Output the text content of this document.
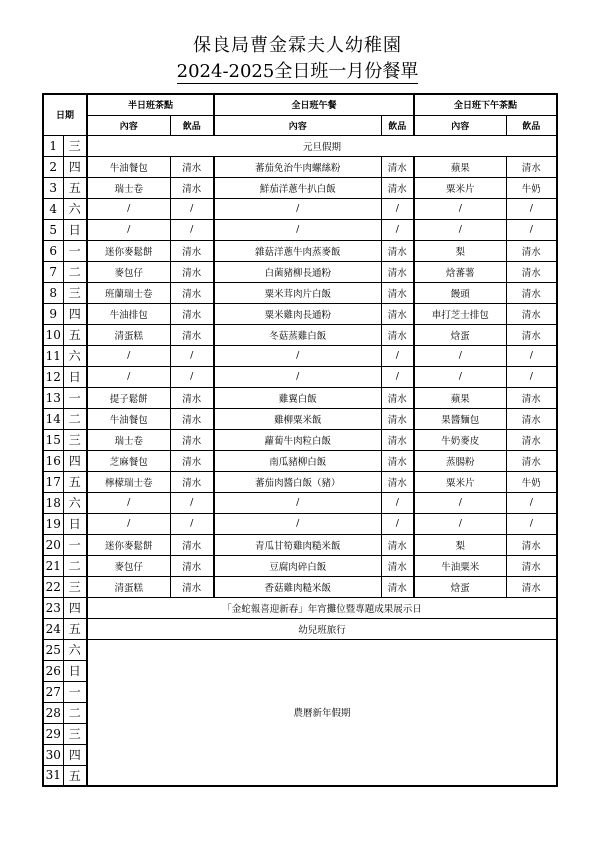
保良局曹金霖夫人幼稚園
2024-2025全日班一月份餐單
日期		半日班茶點		全日班午餐		全日班下午茶點	
		內容	飲品	內容	飲品	內容	飲品
1	三	元旦假期					
2	四	牛油餐包	清水	蕃茄免治牛肉螺絲粉	清水	蘋果	清水
3	五	瑞士卷	清水	鮮茄洋蔥牛扒白飯	清水	粟米片	牛奶
4	六	/	/	/	/	/	/
5	日	/	/	/	/	/	/
6	一	迷你麥鬆餅	清水	雜菇洋蔥牛肉蒸麥飯	清水	梨	清水
7	二	麥包仔	清水	白菌豬柳長通粉	清水	焓蕃薯	清水
8	三	班蘭瑞士卷	清水	粟米茸肉片白飯	清水	饅頭	清水
9	四	牛油排包	清水	粟米雞肉長通粉	清水	車打芝士排包	清水
10	五	清蛋糕	清水	冬菇蒸雞白飯	清水	焓蛋	清水
11	六	/	/	/	/	/	/
12	日	/	/	/	/	/	/
13	一	提子鬆餅	清水	雞翼白飯	清水	蘋果	清水
14	二	牛油餐包	清水	雞柳粟米飯	清水	果醬麵包	清水
15	三	瑞士卷	清水	蘿蔔牛肉粒白飯	清水	牛奶麥皮	清水
16	四	芝麻餐包	清水	南瓜豬柳白飯	清水	蒸腸粉	清水
17	五	檸檬瑞士卷	清水	蕃茄肉醬白飯（豬）	清水	粟米片	牛奶
18	六	/	/	/	/	/	/
19	日	/	/	/	/	/	/
20	一	迷你麥鬆餅	清水	青瓜甘筍雞肉糙米飯	清水	梨	清水
21	二	麥包仔	清水	豆腐肉碎白飯	清水	牛油粟米	清水
22	三	清蛋糕	清水	香菇雞肉糙米飯	清水	焓蛋	清水
23	四	「金蛇報喜迎新春」年宵攤位暨專題成果展示日					
24	五	幼兒班旅行					
25	六	農曆新年假期					
26	日						
27	一						
28	二						
29	三						
30	四						
31	五						
